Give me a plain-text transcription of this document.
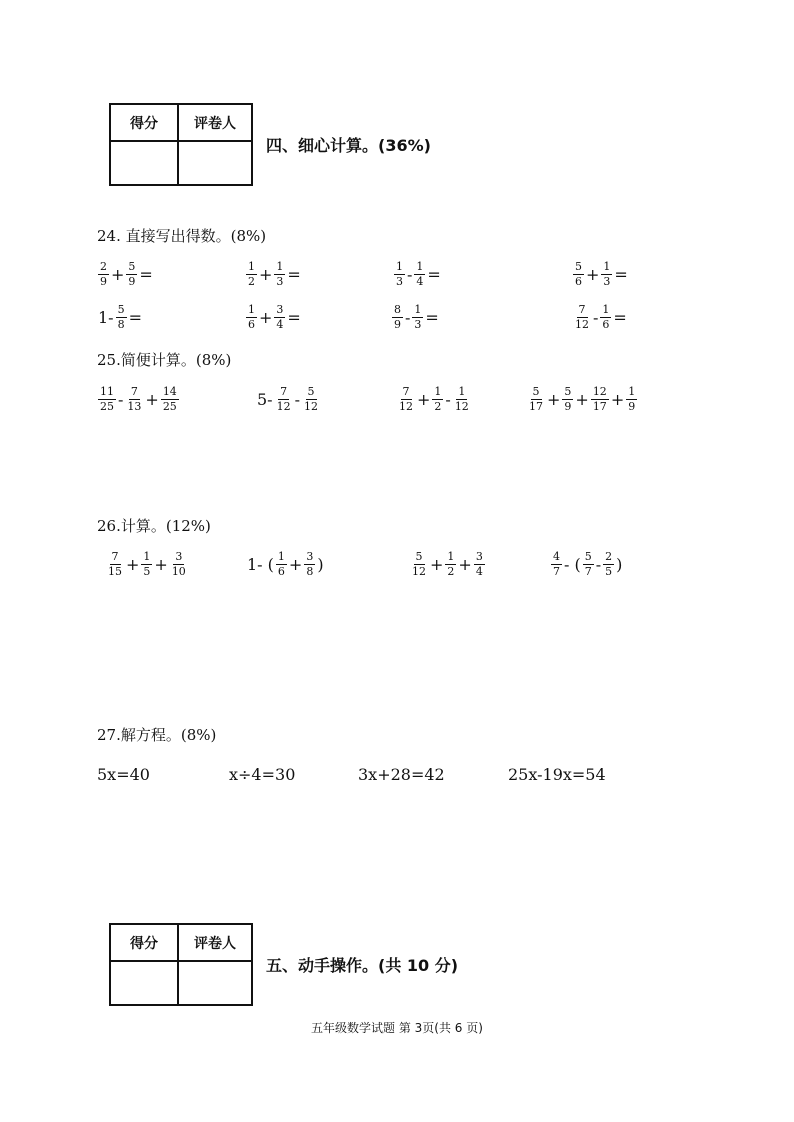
得分	评卷人

四、细心计算。(36%)
24. 直接写出得数。(8%)
$\frac{2}{9} + \frac{5}{9}$ =	$\frac{1}{2} + \frac{1}{3}$ =	$\frac{1}{3} - \frac{1}{4}$ =	$\frac{5}{6} + \frac{1}{3}$ =
$1- \frac{5}{8}$ =	$\frac{1}{6} + \frac{3}{4}$ =	$\frac{8}{9} - \frac{1}{3}$ =	$\frac{7}{12} - \frac{1}{6}$ =
25.简便计算。(8%)
$\frac{11}{25} - \frac{7}{13} + \frac{14}{25}$	$5- \frac{7}{12} - \frac{5}{12}$	$\frac{7}{12} + \frac{1}{2} - \frac{1}{12}$	$\frac{5}{17} + \frac{5}{9} + \frac{12}{17} + \frac{1}{9}$
26.计算。(12%)
$\frac{7}{15} + \frac{1}{5} + \frac{3}{10}$	1- ( $\frac{1}{6} + \frac{3}{8}$ )	$\frac{5}{12} + \frac{1}{2} + \frac{3}{4}$	$\frac{4}{7}$ - ( $\frac{5}{7} - \frac{2}{5}$ )
27.解方程。(8%)
5x=40	x÷4=30	3x+28=42	25x-19x=54
得分	评卷人

五、动手操作。(共 10 分)
五年级数学试题 第 3页(共 6 页)
